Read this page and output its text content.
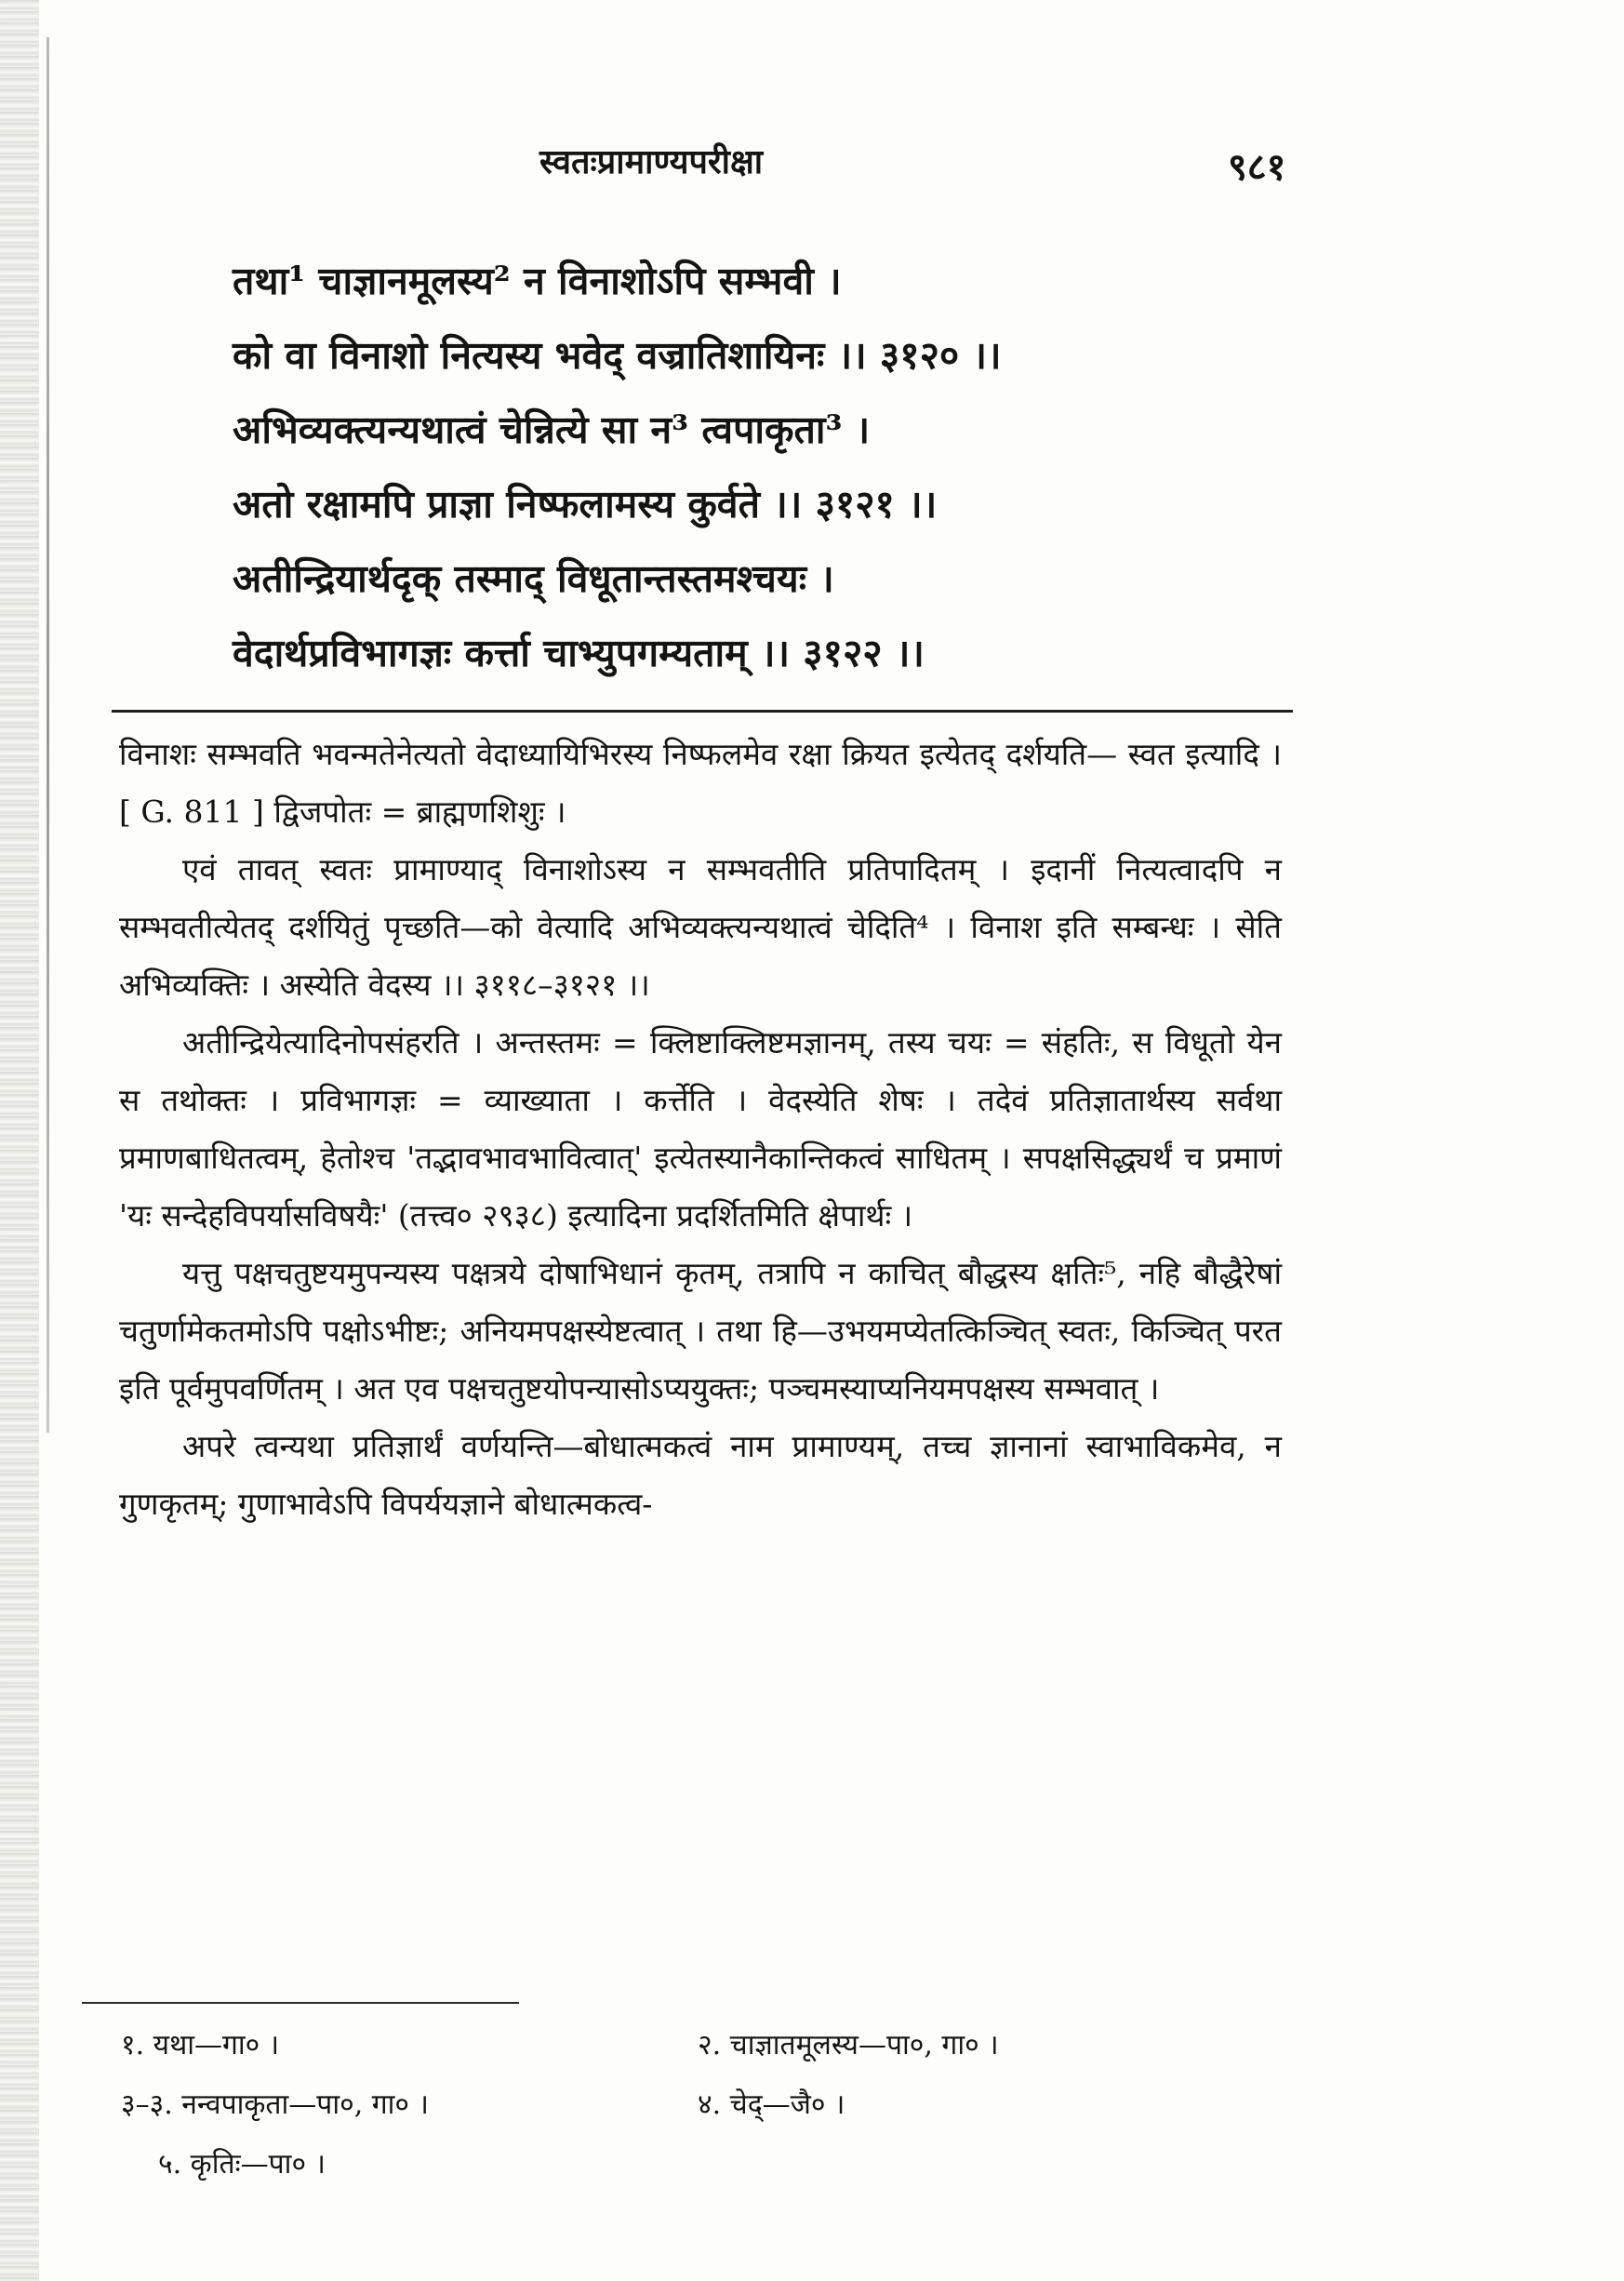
स्वतःप्रामाण्यपरीक्षा	९८१
तथा¹ चाज्ञानमूलस्य² न विनाशोऽपि सम्भवी ।
को वा विनाशो नित्यस्य भवेद् वज्रातिशायिनः ।। ३१२० ।।
अभिव्यक्त्यन्यथात्वं चेन्नित्ये सा न³ त्वपाकृता³ ।
अतो रक्षामपि प्राज्ञा निष्फलामस्य कुर्वते ।। ३१२१ ।।
अतीन्द्रियार्थदृक् तस्माद् विधूतान्तस्तमश्चयः ।
वेदार्थप्रविभागज्ञः कर्त्ता चाभ्युपगम्यताम् ।। ३१२२ ।।

विनाशः सम्भवति भवन्मतेनेत्यतो वेदाध्यायिभिरस्य निष्फलमेव रक्षा क्रियत इत्येतद् दर्शयति— स्वत इत्यादि । [ G. 811 ] द्विजपोतः = ब्राह्मणशिशुः ।

एवं तावत् स्वतः प्रामाण्याद् विनाशोऽस्य न सम्भवतीति प्रतिपादितम् । इदानीं नित्यत्वादपि न सम्भवतीत्येतद् दर्शयितुं पृच्छति—को वेत्यादि अभिव्यक्त्यन्यथात्वं चेदिति⁴ । विनाश इति सम्बन्धः । सेति अभिव्यक्तिः । अस्येति वेदस्य ।। ३११८–३१२१ ।।

अतीन्द्रियेत्यादिनोपसंहरति । अन्तस्तमः = क्लिष्टाक्लिष्टमज्ञानम्, तस्य चयः = संहतिः, स विधूतो येन स तथोक्तः । प्रविभागज्ञः = व्याख्याता । कर्त्तेति । वेदस्येति शेषः । तदेवं प्रतिज्ञातार्थस्य सर्वथा प्रमाणबाधितत्वम्, हेतोश्च 'तद्भावभावभावित्वात्' इत्येतस्यानैकान्तिकत्वं साधितम् । सपक्षसिद्ध्यर्थं च प्रमाणं 'यः सन्देहविपर्यासविषयैः' (तत्त्व० २९३८) इत्यादिना प्रदर्शितमिति क्षेपार्थः ।

यत्तु पक्षचतुष्टयमुपन्यस्य पक्षत्रये दोषाभिधानं कृतम्, तत्रापि न काचित् बौद्धस्य क्षतिः⁵, नहि बौद्धैरेषां चतुर्णामेकतमोऽपि पक्षोऽभीष्टः; अनियमपक्षस्येष्टत्वात् । तथा हि—उभयमप्येतत्किञ्चित् स्वतः, किञ्चित् परत इति पूर्वमुपवर्णितम् । अत एव पक्षचतुष्टयोपन्यासोऽप्ययुक्तः; पञ्चमस्याप्यनियमपक्षस्य सम्भवात् ।

अपरे त्वन्यथा प्रतिज्ञार्थं वर्णयन्ति—बोधात्मकत्वं नाम प्रामाण्यम्, तच्च ज्ञानानां स्वाभाविकमेव, न गुणकृतम्; गुणाभावेऽपि विपर्ययज्ञाने बोधात्मकत्व-

१. यथा—गा० ।	२. चाज्ञातमूलस्य—पा०, गा० ।
३–३. नन्वपाकृता—पा०, गा० ।	४. चेद्—जै० ।
५. कृतिः—पा० ।
